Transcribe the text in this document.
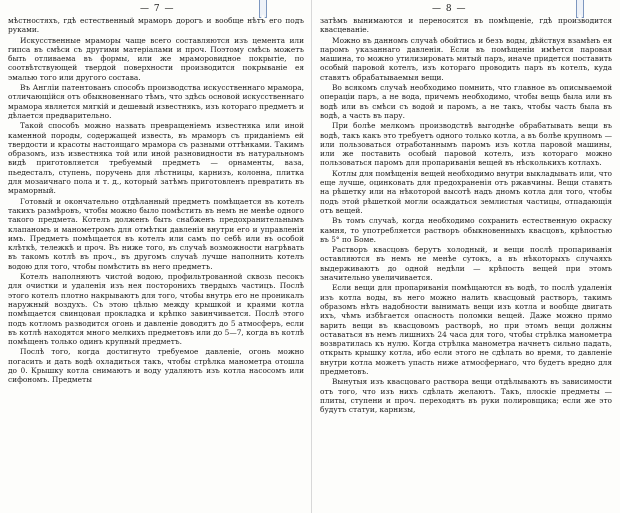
— 7 —

мѣстностяхъ, гдѣ естественный мраморъ дорогъ и вообще нѣтъ его подъ руками.

Искусственные мраморы чаще всего составляются изъ цемента или гипса въ смѣси съ другими матеріалами и проч. Поэтому смѣсь можетъ быть отливаема въ формы, или же мраморовидное покрытіе, по соотвѣтствующей твердой поверхности производится покрываніе ея эмалью того или другого состава.

Въ Англіи патентованъ способъ производства искусственнаго мрамора, отличающійся отъ обыкновеннаго тѣмъ, что здѣсь основой искусственнаго мрамора является мягкій и дешевый известнякъ, изъ котораго предметъ и дѣлается предварительно.

Такой способъ можно назвать превращеніемъ известняка или иной каменной породы, содержащей известь, въ мраморъ съ приданіемъ ей твердости и красоты настоящаго мрамора съ разными оттѣнками. Такимъ образомъ, изъ известняка той или иной разновидности въ натуральномъ видѣ приготовляется требуемый предметъ — орнаменты, ваза, пьедесталъ, ступень, поручень для лѣстницы, карнизъ, колонна, плитка для мозаичнаго пола и т. д., который затѣмъ приготовленъ превратить въ мраморный.

Готовый и окончательно отдѣланный предметъ помѣщается въ котелъ такихъ размѣровъ, чтобы можно было помѣстить въ немъ не менѣе одного такого предмета. Котелъ долженъ быть снабженъ предохранительнымъ клапаномъ и манометромъ для отмѣтки давленія внутри его и управленія имъ. Предметъ помѣщается въ котелъ или самъ по себѣ или въ особой клѣткѣ, тележкѣ и проч. Въ ниже того, въ случаѣ возможности нагрѣвать въ такомъ котлѣ въ проч., въ другомъ случаѣ лучше наполнить котелъ водою для того, чтобы помѣстить въ него предметъ.

Котелъ наполняютъ чистой водою, профильтрованной сквозь песокъ для очистки и удаленія изъ нея посторонихъ твердыхъ частицъ. Послѣ этого котелъ плотно накрываютъ для того, чтобы внутрь его не проникалъ наружный воздухъ. Съ этою цѣлью между крышкой и краями котла помѣщается свинцовая прокладка и крѣпко завинчивается. Послѣ этого подъ котломъ разводится огонь и давленіе доводятъ до 5 атмосферъ, если въ котлѣ находятся много мелкихъ предметовъ или до 5—7, когда въ котлѣ помѣщенъ только одинъ крупный предметъ.

Послѣ того, когда достигнуто требуемое давленіе, огонь можно погасить и дать водѣ охладиться такъ, чтобы стрѣлка манометра отошла до 0. Крышку котла снимаютъ и воду удаляютъ изъ котла насосомъ или сифономъ. Предметы

— 8 —

затѣмъ вынимаются и переносятся въ помѣщеніе, гдѣ производится квасцеваніе.

Можно въ данномъ случаѣ обойтись и безъ воды, дѣйствуя взамѣнъ ея паромъ указаннаго давленія. Если въ помѣщеніи имѣется паровая машина, то можно утилизировать мятый паръ, иначе придется поставить особый паровой котелъ, изъ котораго проводить паръ въ котелъ, куда ставятъ обрабатываемыя вещи.

Во всякомъ случаѣ необходимо помнить, что главное въ описываемой операціи паръ, а не вода, причемъ необходимо, чтобы вещь была или въ водѣ или въ смѣси съ водой и паромъ, а не такъ, чтобы часть была въ водѣ, а часть въ пару.

При болѣе мелкомъ производствѣ выгоднѣе обрабатывать вещи въ водѣ, такъ какъ это требуетъ одного только котла, а въ болѣе крупномъ — или пользоваться отработаннымъ паромъ изъ котла паровой машины, или же поставить особый паровой котелъ, изъ котораго можно пользоваться паромъ для пропариванія вещей въ нѣсколькихъ котлахъ.

Котлы для помѣщенія вещей необходимо внутри выкладывать или, что еще лучше, оцинковать для предохраненія отъ ржавчины. Вещи ставятъ на рѣшетку или на нѣкоторой высотѣ надъ дномъ котла для того, чтобы подъ этой рѣшеткой могли осаждаться землистыя частицы, отпадающія отъ вещей.

Въ томъ случаѣ, когда необходимо сохранить естественную окраску камня, то употребляется растворъ обыкновенныхъ квасцовъ, крѣпостью въ 5° по Боме.

Растворъ квасцовъ берутъ холодный, и вещи послѣ пропариванія оставляются въ немъ не менѣе сутокъ, а въ нѣкоторыхъ случаяхъ выдерживаютъ до одной недѣли — крѣпость вещей при этомъ значительно увеличивается.

Если вещи для пропариванія помѣщаются въ водѣ, то послѣ удаленія изъ котла воды, въ него можно налить квасцовый растворъ, такимъ образомъ нѣтъ надобности вынимать вещи изъ котла и вообще двигать ихъ, чѣмъ избѣгается опасность поломки вещей. Даже можно прямо варить вещи въ квасцовомъ растворѣ, но при этомъ вещи должны оставаться въ немъ лишнихъ 24 часа для того, чтобы стрѣлка манометра возвратилась къ нулю. Когда стрѣлка манометра начнетъ сильно падать, открыть крышку котла, ибо если этого не сдѣлать во время, то давленіе внутри котла можетъ упасть ниже атмосфернаго, что будетъ вредно для предметовъ.

Вынутыя изъ квасцоваго раствора вещи отдѣлываютъ въ зависимости отъ того, что изъ нихъ сдѣлать желаютъ. Такъ, плоскіе предметы — плиты, ступени и проч. переходятъ въ руки полировщика; если же это будутъ статуи, карнизы,
